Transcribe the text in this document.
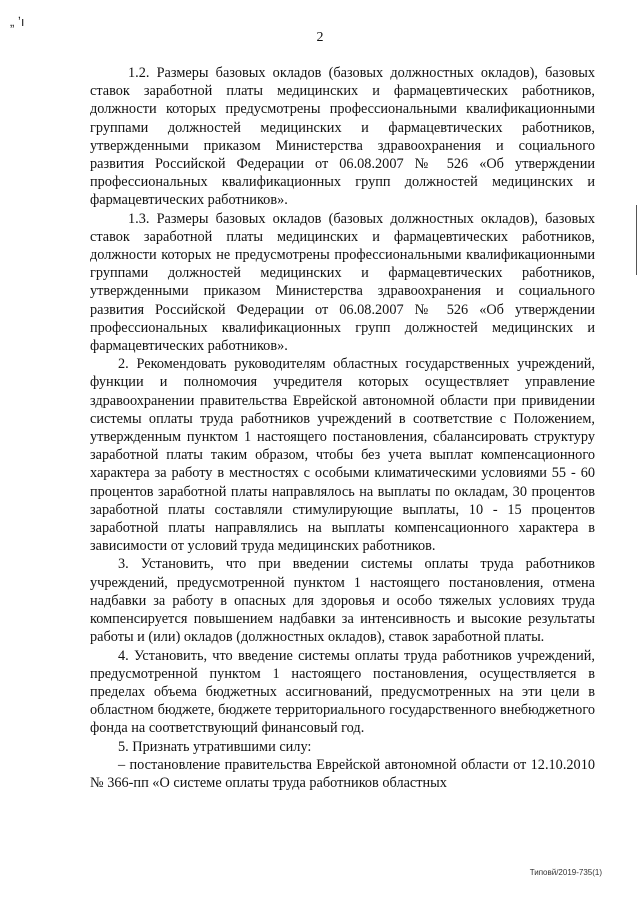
„ ʼı
2

1.2. Размеры базовых окладов (базовых должностных окладов), базовых ставок заработной платы медицинских и фармацевтических работников, должности которых предусмотрены профессиональными квалификационными группами должностей медицинских и фармацевтических работников, утвержденными приказом Министерства здравоохранения и социального развития Российской Федерации от 06.08.2007 № 526 «Об утверждении профессиональных квалификационных групп должностей медицинских и фармацевтических работников».

1.3. Размеры базовых окладов (базовых должностных окладов), базовых ставок заработной платы медицинских и фармацевтических работников, должности которых не предусмотрены профессиональными квалификационными группами должностей медицинских и фармацевтических работников, утвержденными приказом Министерства здравоохранения и социального развития Российской Федерации от 06.08.2007 № 526 «Об утверждении профессиональных квалификационных групп должностей медицинских и фармацевтических работников».

2. Рекомендовать руководителям областных государственных учреждений, функции и полномочия учредителя которых осуществляет управление здравоохранении правительства Еврейской автономной области при привидении системы оплаты труда работников учреждений в соответствие с Положением, утвержденным пунктом 1 настоящего постановления, сбалансировать структуру заработной платы таким образом, чтобы без учета выплат компенсационного характера за работу в местностях с особыми климатическими условиями 55 - 60 процентов заработной платы направлялось на выплаты по окладам, 30 процентов заработной платы составляли стимулирующие выплаты, 10 - 15 процентов заработной платы направлялись на выплаты компенсационного характера в зависимости от условий труда медицинских работников.

3. Установить, что при введении системы оплаты труда работников учреждений, предусмотренной пунктом 1 настоящего постановления, отмена надбавки за работу в опасных для здоровья и особо тяжелых условиях труда компенсируется повышением надбавки за интенсивность и высокие результаты работы и (или) окладов (должностных окладов), ставок заработной платы.

4. Установить, что введение системы оплаты труда работников учреждений, предусмотренной пунктом 1 настоящего постановления, осуществляется в пределах объема бюджетных ассигнований, предусмотренных на эти цели в областном бюджете, бюджете территориального государственного внебюджетного фонда на соответствующий финансовый год.

5. Признать утратившими силу:

– постановление правительства Еврейской автономной области от 12.10.2010 № 366-пп «О системе оплаты труда работников областных

Типовй/2019-735(1)
